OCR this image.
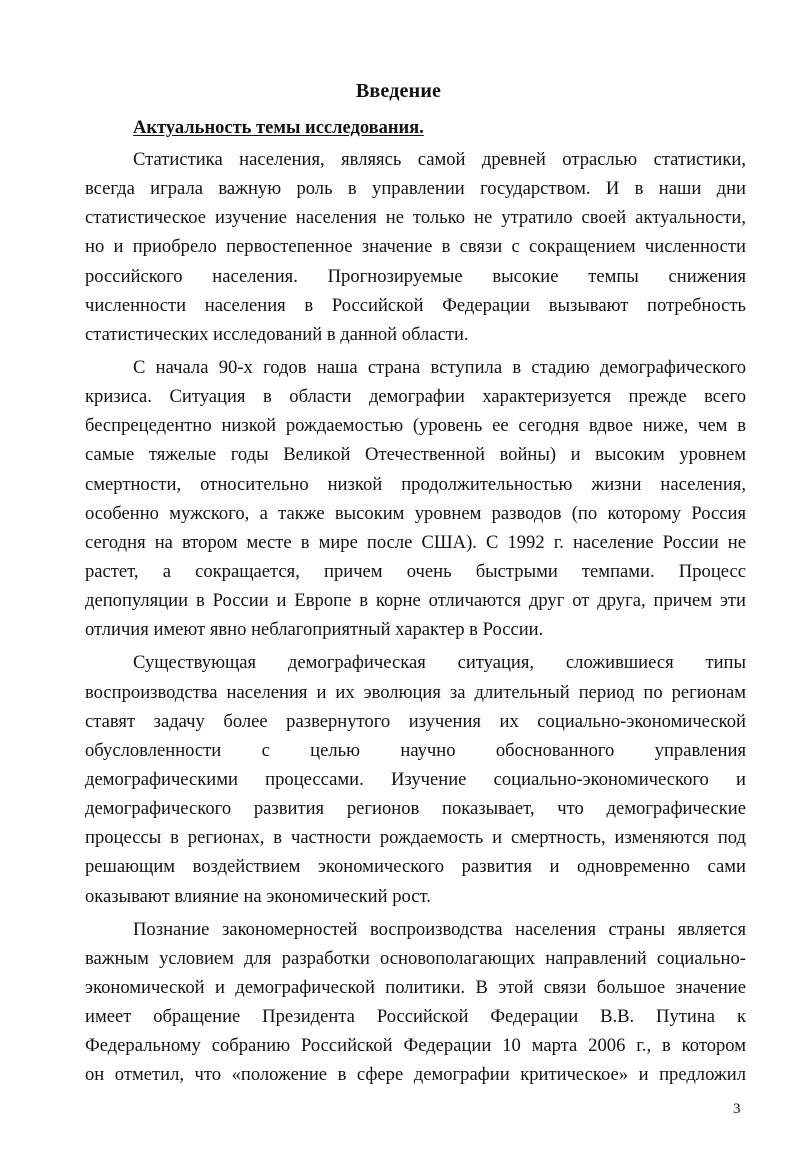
Введение
Актуальность темы исследования.
Статистика населения, являясь самой древней отраслью статистики,
всегда играла важную роль в управлении государством. И в наши дни
статистическое изучение населения не только не утратило своей актуальности,
но и приобрело первостепенное значение в связи с сокращением численности
российского населения. Прогнозируемые высокие темпы снижения
численности населения в Российской Федерации вызывают потребность
статистических исследований в данной области.
С начала 90-х годов наша страна вступила в стадию демографического
кризиса. Ситуация в области демографии характеризуется прежде всего
беспрецедентно низкой рождаемостью (уровень ее сегодня вдвое ниже, чем в
самые тяжелые годы Великой Отечественной войны) и высоким уровнем
смертности, относительно низкой продолжительностью жизни населения,
особенно мужского, а также высоким уровнем разводов (по которому Россия
сегодня на втором месте в мире после США). С 1992 г. население России не
растет, а сокращается, причем очень быстрыми темпами. Процесс
депопуляции в России и Европе в корне отличаются друг от друга, причем эти
отличия имеют явно неблагоприятный характер в России.
Существующая демографическая ситуация, сложившиеся типы
воспроизводства населения и их эволюция за длительный период по регионам
ставят задачу более развернутого изучения их социально-экономической
обусловленности с целью научно обоснованного управления
демографическими процессами. Изучение социально-экономического и
демографического развития регионов показывает, что демографические
процессы в регионах, в частности рождаемость и смертность, изменяются под
решающим воздействием экономического развития и одновременно сами
оказывают влияние на экономический рост.
Познание закономерностей воспроизводства населения страны является
важным условием для разработки основополагающих направлений социально-
экономической и демографической политики. В этой связи большое значение
имеет обращение Президента Российской Федерации В.В. Путина к
Федеральному собранию Российской Федерации 10 марта 2006 г., в котором
он отметил, что «положение в сфере демографии критическое» и предложил
3
